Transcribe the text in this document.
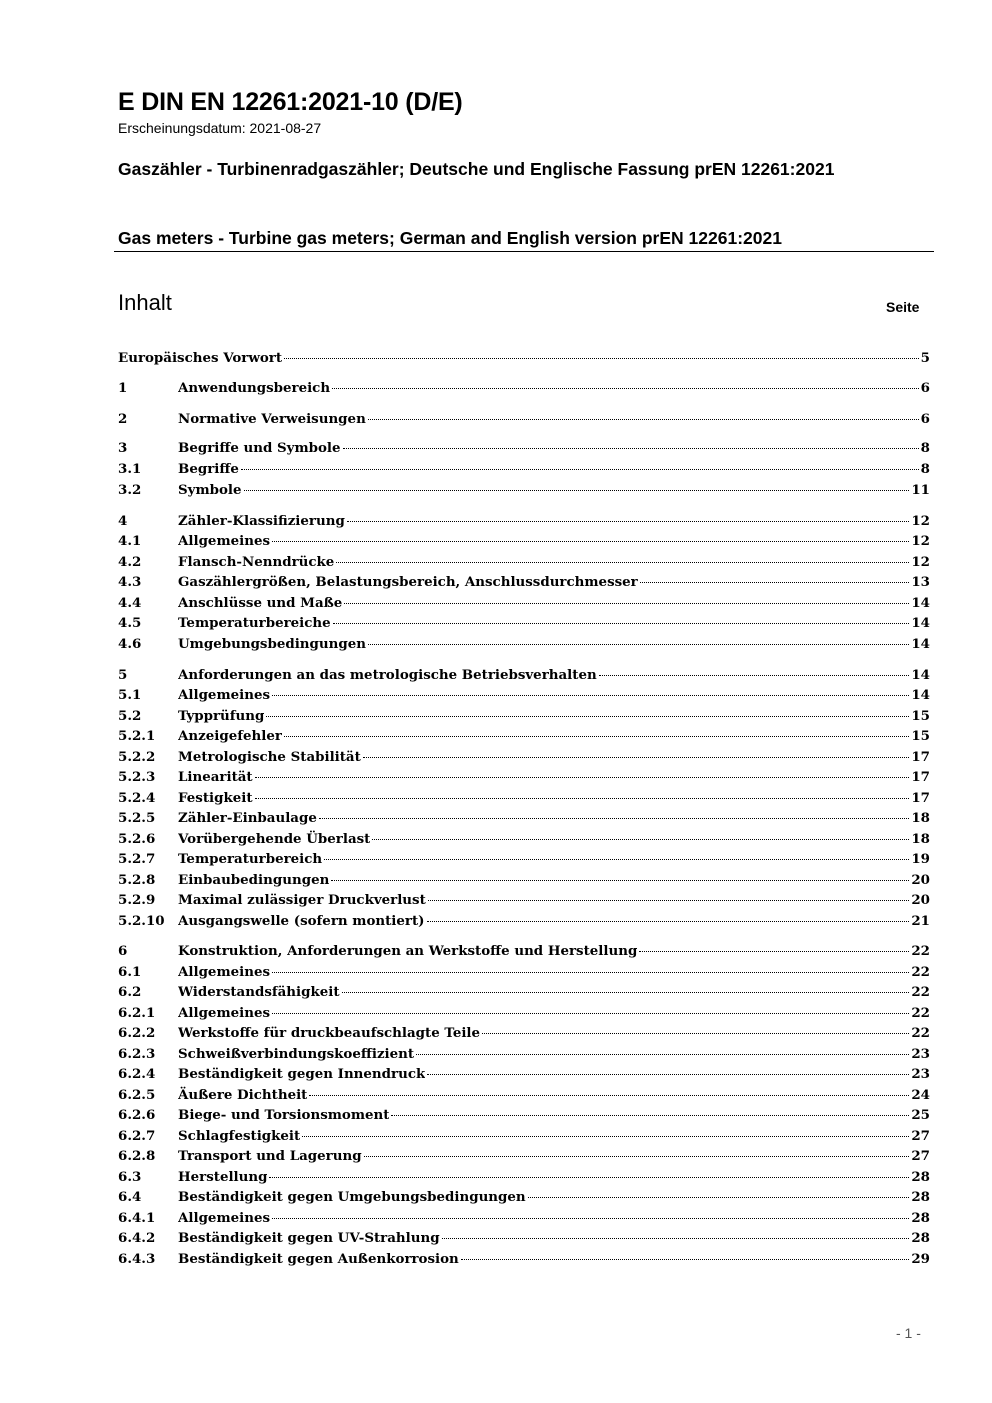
E DIN EN 12261:2021-10 (D/E)
Erscheinungsdatum: 2021-08-27
Gaszähler - Turbinenradgaszähler; Deutsche und Englische Fassung prEN 12261:2021
Gas meters - Turbine gas meters; German and English version prEN 12261:2021
Inhalt	Seite
Europäisches Vorwort	5
1	Anwendungsbereich	6
2	Normative Verweisungen	6
3	Begriffe und Symbole	8
3.1	Begriffe	8
3.2	Symbole	11
4	Zähler-Klassifizierung	12
4.1	Allgemeines	12
4.2	Flansch-Nenndrücke	12
4.3	Gaszählergrößen, Belastungsbereich, Anschlussdurchmesser	13
4.4	Anschlüsse und Maße	14
4.5	Temperaturbereiche	14
4.6	Umgebungsbedingungen	14
5	Anforderungen an das metrologische Betriebsverhalten	14
5.1	Allgemeines	14
5.2	Typprüfung	15
5.2.1	Anzeigefehler	15
5.2.2	Metrologische Stabilität	17
5.2.3	Linearität	17
5.2.4	Festigkeit	17
5.2.5	Zähler-Einbaulage	18
5.2.6	Vorübergehende Überlast	18
5.2.7	Temperaturbereich	19
5.2.8	Einbaubedingungen	20
5.2.9	Maximal zulässiger Druckverlust	20
5.2.10	Ausgangswelle (sofern montiert)	21
6	Konstruktion, Anforderungen an Werkstoffe und Herstellung	22
6.1	Allgemeines	22
6.2	Widerstandsfähigkeit	22
6.2.1	Allgemeines	22
6.2.2	Werkstoffe für druckbeaufschlagte Teile	22
6.2.3	Schweißverbindungskoeffizient	23
6.2.4	Beständigkeit gegen Innendruck	23
6.2.5	Äußere Dichtheit	24
6.2.6	Biege- und Torsionsmoment	25
6.2.7	Schlagfestigkeit	27
6.2.8	Transport und Lagerung	27
6.3	Herstellung	28
6.4	Beständigkeit gegen Umgebungsbedingungen	28
6.4.1	Allgemeines	28
6.4.2	Beständigkeit gegen UV-Strahlung	28
6.4.3	Beständigkeit gegen Außenkorrosion	29
- 1 -
